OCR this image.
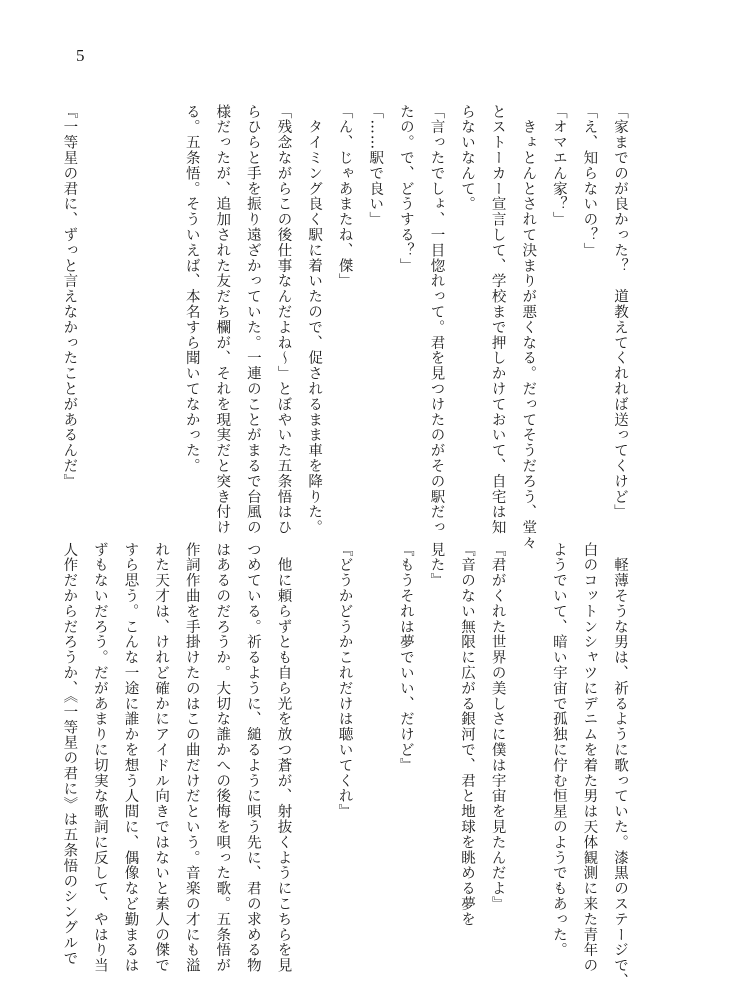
5
「家までのが良かった？　道教えてくれれば送ってくけど」
「え、知らないの？」
「オマエん家？」
　きょとんとされて決まりが悪くなる。だってそうだろう、堂々
とストーカー宣言して、学校まで押しかけておいて、自宅は知
らないなんて。
「言ったでしょ、一目惚れって。君を見つけたのがその駅だっ
たの。で、どうする？」
「……駅で良い」
「ん、じゃあまたね、傑」
　タイミング良く駅に着いたので、促されるまま車を降りた。
「残念ながらこの後仕事なんだよね～」とぼやいた五条悟はひ
らひらと手を振り遠ざかっていた。一連のことがまるで台風の
様だったが、追加された友だち欄が、それを現実だと突き付け
る。五条悟。そういえば、本名すら聞いてなかった。

『一等星の君に、ずっと言えなかったことがあるんだ』
　軽薄そうな男は、祈るように歌っていた。漆黒のステージで、
白のコットンシャツにデニムを着た男は天体観測に来た青年の
ようでいて、暗い宇宙で孤独に佇む恒星のようでもあった。

『君がくれた世界の美しさに僕は宇宙を見たんだよ』
『音のない無限に広がる銀河で、君と地球を眺める夢を
見た』
『もうそれは夢でいい、だけど』

『どうかどうかこれだけは聴いてくれ』

　他に頼らずとも自ら光を放つ蒼が、射抜くようにこちらを見
つめている。祈るように、縋るように唄う先に、君の求める物
はあるのだろうか。大切な誰かへの後悔を唄った歌。五条悟が
作詞作曲を手掛けたのはこの曲だけだという。音楽の才にも溢
れた天才は、けれど確かにアイドル向きではないと素人の傑で
すら思う。こんな一途に誰かを想う人間に、偶像など勤まるは
ずもないだろう。だがあまりに切実な歌詞に反して、やはり当
人作だからだろうか、《一等星の君に》は五条悟のシングルで
